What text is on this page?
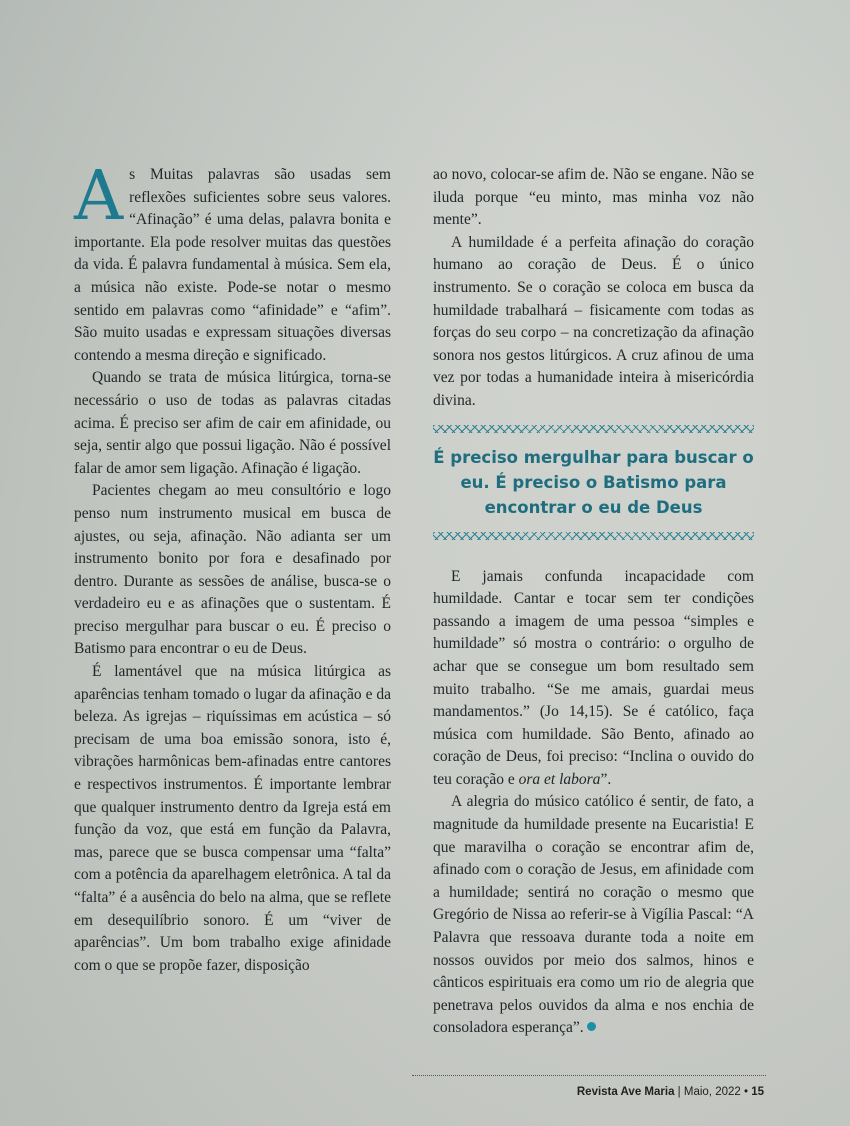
As Muitas palavras são usadas sem reflexões suficientes sobre seus valores. “Afinação” é uma delas, palavra bonita e importante. Ela pode resolver muitas das questões da vida. É palavra fundamental à música. Sem ela, a música não existe. Pode-se notar o mesmo sentido em palavras como “afinidade” e “afim”. São muito usadas e expressam situações diversas contendo a mesma direção e significado.

Quando se trata de música litúrgica, torna-se necessário o uso de todas as palavras citadas acima. É preciso ser afim de cair em afinidade, ou seja, sentir algo que possui ligação. Não é possível falar de amor sem ligação. Afinação é ligação.

Pacientes chegam ao meu consultório e logo penso num instrumento musical em busca de ajustes, ou seja, afinação. Não adianta ser um instrumento bonito por fora e desafinado por dentro. Durante as sessões de análise, busca-se o verdadeiro eu e as afinações que o sustentam. É preciso mergulhar para buscar o eu. É preciso o Batismo para encontrar o eu de Deus.

É lamentável que na música litúrgica as aparências tenham tomado o lugar da afinação e da beleza. As igrejas – riquíssimas em acústica – só precisam de uma boa emissão sonora, isto é, vibrações harmônicas bem-afinadas entre cantores e respectivos instrumentos. É importante lembrar que qualquer instrumento dentro da Igreja está em função da voz, que está em função da Palavra, mas, parece que se busca compensar uma “falta” com a potência da aparelhagem eletrônica. A tal da “falta” é a ausência do belo na alma, que se reflete em desequilíbrio sonoro. É um “viver de aparências”. Um bom trabalho exige afinidade com o que se propõe fazer, disposição

ao novo, colocar-se afim de. Não se engane. Não se iluda porque “eu minto, mas minha voz não mente”.

A humildade é a perfeita afinação do coração humano ao coração de Deus. É o único instrumento. Se o coração se coloca em busca da humildade trabalhará – fisicamente com todas as forças do seu corpo – na concretização da afinação sonora nos gestos litúrgicos. A cruz afinou de uma vez por todas a humanidade inteira à misericórdia divina.

É preciso mergulhar para buscar o eu. É preciso o Batismo para encontrar o eu de Deus

E jamais confunda incapacidade com humildade. Cantar e tocar sem ter condições passando a imagem de uma pessoa “simples e humildade” só mostra o contrário: o orgulho de achar que se consegue um bom resultado sem muito trabalho. “Se me amais, guardai meus mandamentos.” (Jo 14,15). Se é católico, faça música com humildade. São Bento, afinado ao coração de Deus, foi preciso: “Inclina o ouvido do teu coração e ora et labora”.

A alegria do músico católico é sentir, de fato, a magnitude da humildade presente na Eucaristia! E que maravilha o coração se encontrar afim de, afinado com o coração de Jesus, em afinidade com a humildade; sentirá no coração o mesmo que Gregório de Nissa ao referir-se à Vigília Pascal: “A Palavra que ressoava durante toda a noite em nossos ouvidos por meio dos salmos, hinos e cânticos espirituais era como um rio de alegria que penetrava pelos ouvidos da alma e nos enchia de consoladora esperança”.

Revista Ave Maria | Maio, 2022 • 15
